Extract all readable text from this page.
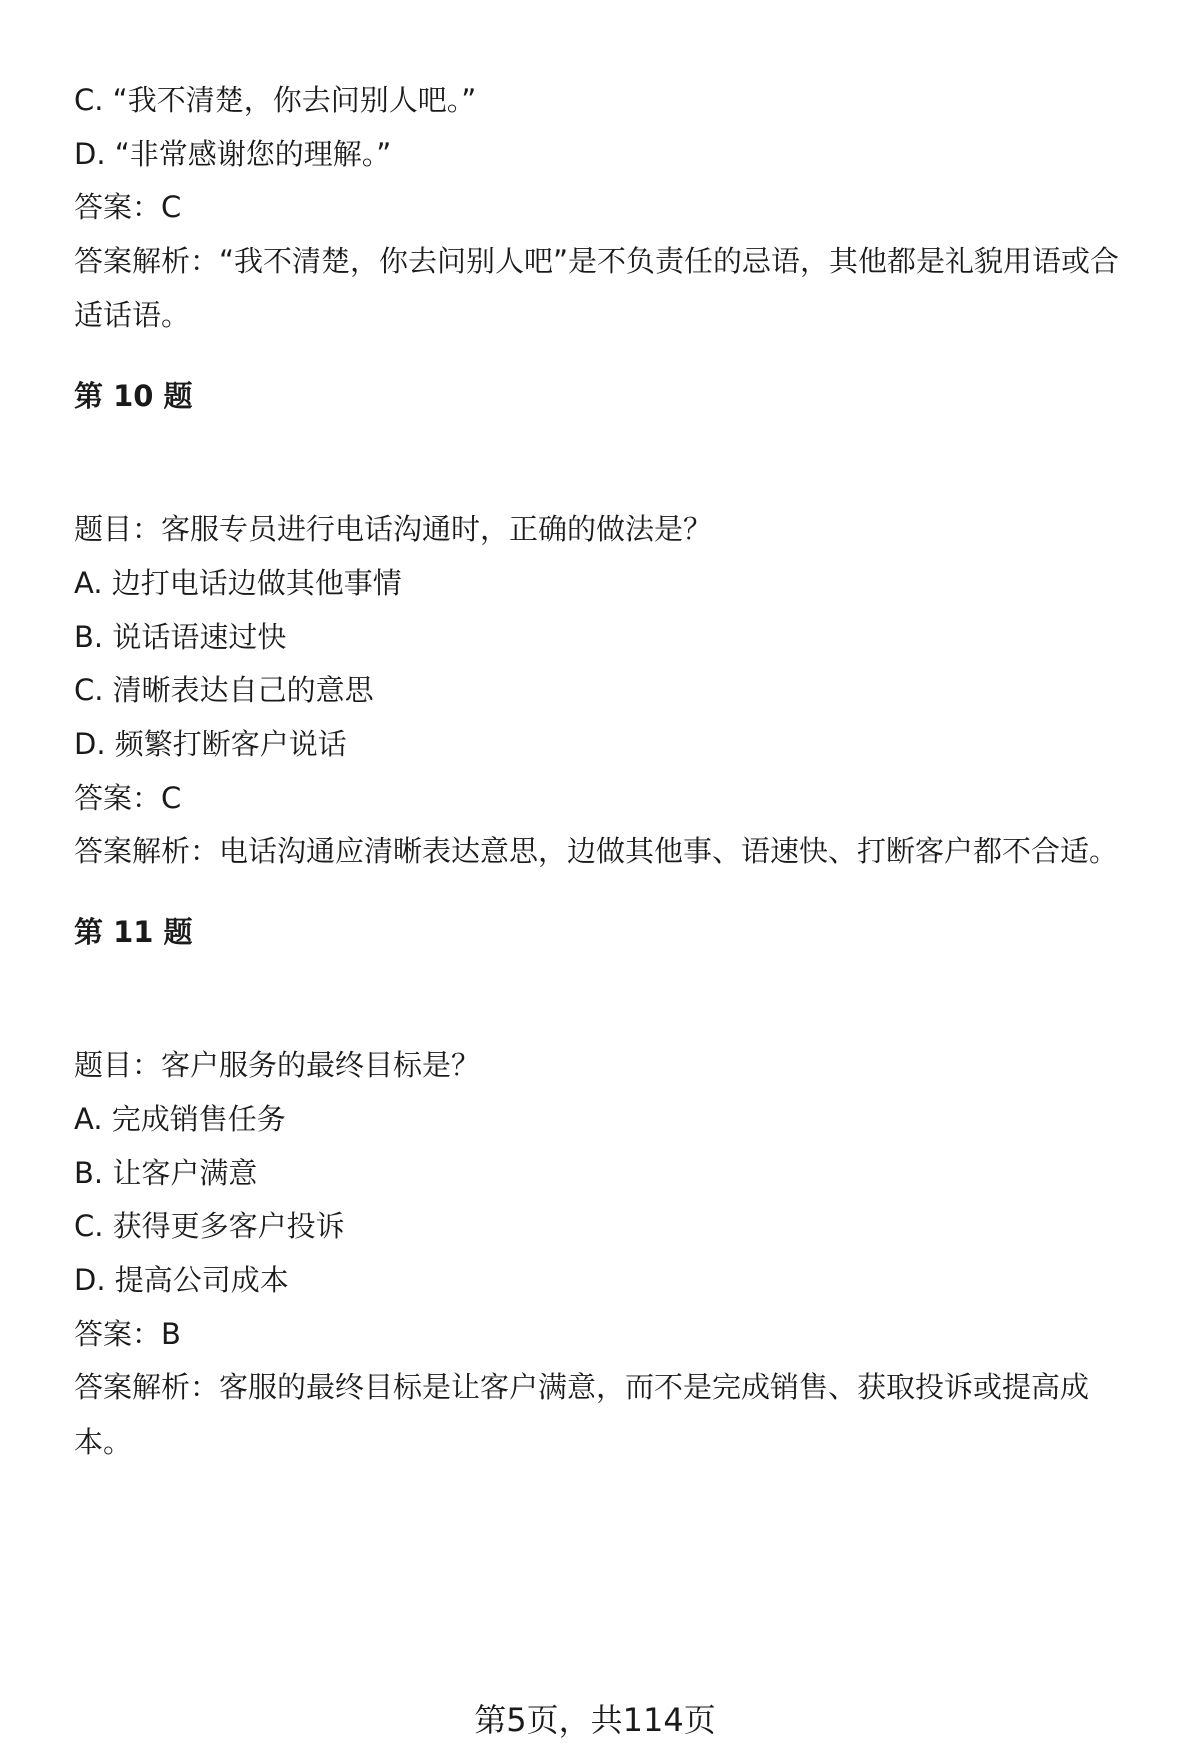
C. “我不清楚，你去问别人吧。”
D. “非常感谢您的理解。”
答案：C
答案解析：“我不清楚，你去问别人吧”是不负责任的忌语，其他都是礼貌用语或合
适话语。
第 10 题
题目：客服专员进行电话沟通时，正确的做法是？
A. 边打电话边做其他事情
B. 说话语速过快
C. 清晰表达自己的意思
D. 频繁打断客户说话
答案：C
答案解析：电话沟通应清晰表达意思，边做其他事、语速快、打断客户都不合适。
第 11 题
题目：客户服务的最终目标是？
A. 完成销售任务
B. 让客户满意
C. 获得更多客户投诉
D. 提高公司成本
答案：B
答案解析：客服的最终目标是让客户满意，而不是完成销售、获取投诉或提高成
本。
第5页，共114页
